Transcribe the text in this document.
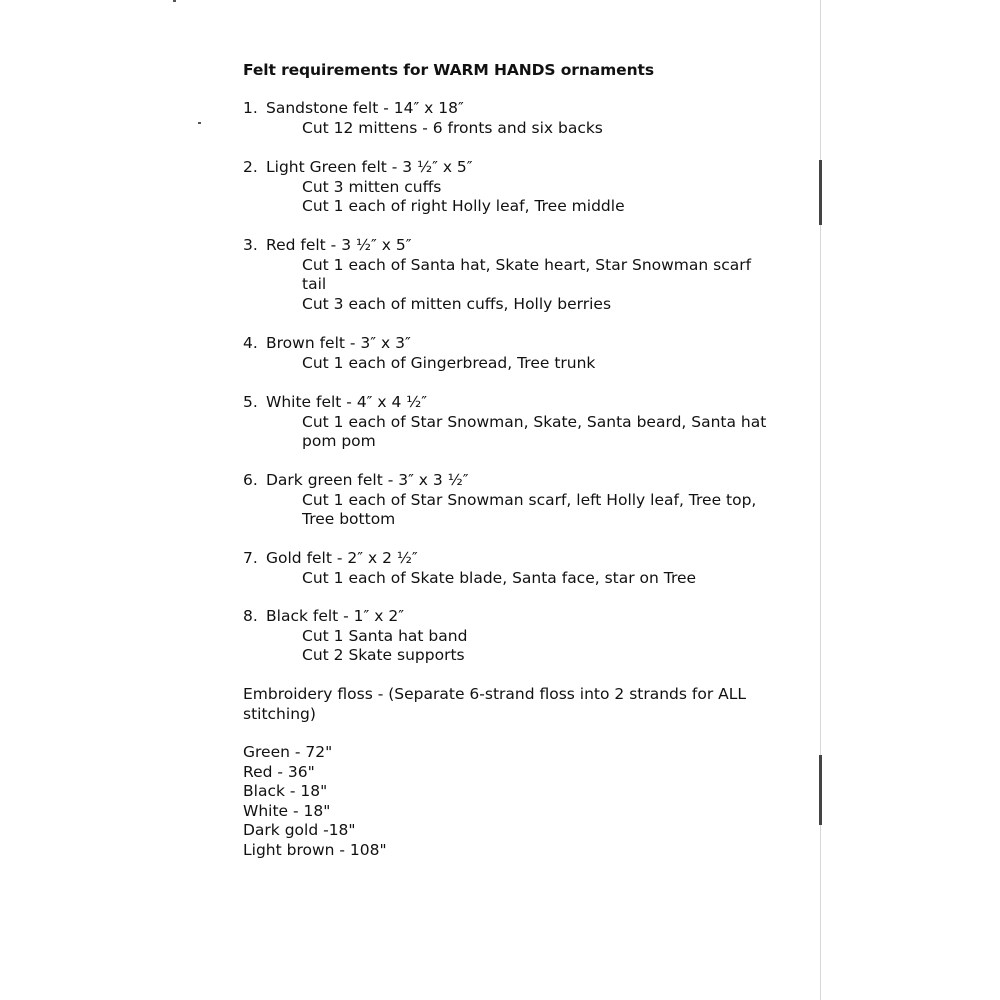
Felt requirements for WARM HANDS ornaments
1. Sandstone felt - 14″ x 18″
Cut 12 mittens - 6 fronts and six backs
2. Light Green felt - 3 ½″ x 5″
Cut 3 mitten cuffs
Cut 1 each of right Holly leaf, Tree middle
3. Red felt - 3 ½″ x 5″
Cut 1 each of Santa hat, Skate heart, Star Snowman scarf tail
Cut 3 each of mitten cuffs, Holly berries
4. Brown felt - 3″ x 3″
Cut 1 each of Gingerbread, Tree trunk
5. White felt - 4″ x 4 ½″
Cut 1 each of Star Snowman, Skate, Santa beard, Santa hat pom pom
6. Dark green felt - 3″ x 3 ½″
Cut 1 each of Star Snowman scarf, left Holly leaf, Tree top, Tree bottom
7. Gold felt - 2″ x 2 ½″
Cut 1 each of Skate blade, Santa face, star on Tree
8. Black felt - 1″ x 2″
Cut 1 Santa hat band
Cut 2 Skate supports
Embroidery floss - (Separate 6-strand floss into 2 strands for ALL stitching)
Green - 72"
Red - 36"
Black - 18"
White - 18"
Dark gold -18"
Light brown - 108"
